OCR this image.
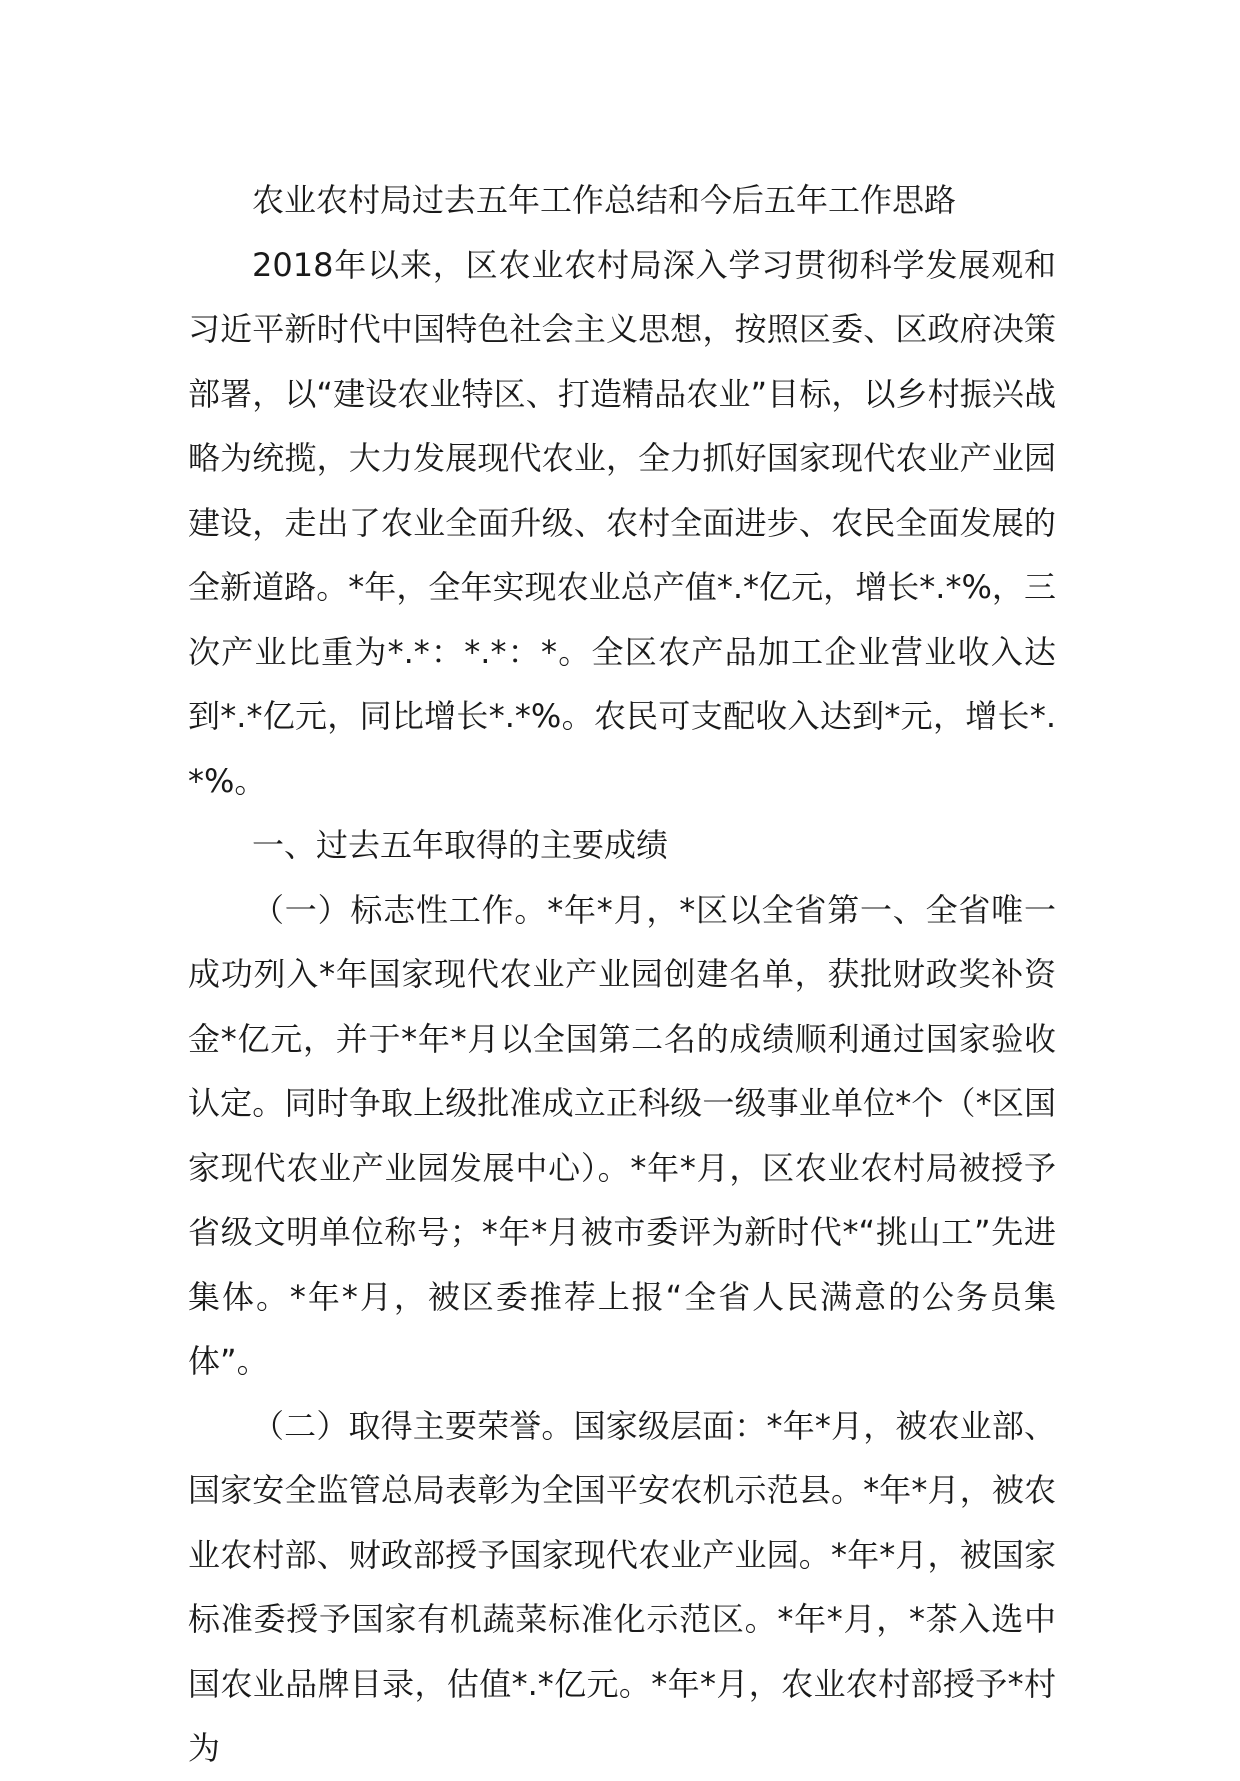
农业农村局过去五年工作总结和今后五年工作思路

2018年以来，区农业农村局深入学习贯彻科学发展观和习近平新时代中国特色社会主义思想，按照区委、区政府决策部署，以“建设农业特区、打造精品农业”目标，以乡村振兴战略为统揽，大力发展现代农业，全力抓好国家现代农业产业园建设，走出了农业全面升级、农村全面进步、农民全面发展的全新道路。*年，全年实现农业总产值*.*亿元，增长*.*%，三次产业比重为*.*：*.*：*。全区农产品加工企业营业收入达到*.*亿元，同比增长*.*%。农民可支配收入达到*元，增长*.*%。

一、过去五年取得的主要成绩

（一）标志性工作。*年*月，*区以全省第一、全省唯一成功列入*年国家现代农业产业园创建名单，获批财政奖补资金*亿元，并于*年*月以全国第二名的成绩顺利通过国家验收认定。同时争取上级批准成立正科级一级事业单位*个（*区国家现代农业产业园发展中心）。*年*月，区农业农村局被授予省级文明单位称号；*年*月被市委评为新时代*“挑山工”先进集体。*年*月，被区委推荐上报“全省人民满意的公务员集体”。

（二）取得主要荣誉。国家级层面：*年*月，被农业部、国家安全监管总局表彰为全国平安农机示范县。*年*月，被农业农村部、财政部授予国家现代农业产业园。*年*月，被国家标准委授予国家有机蔬菜标准化示范区。*年*月，*茶入选中国农业品牌目录，估值*.*亿元。*年*月，农业农村部授予*村为
